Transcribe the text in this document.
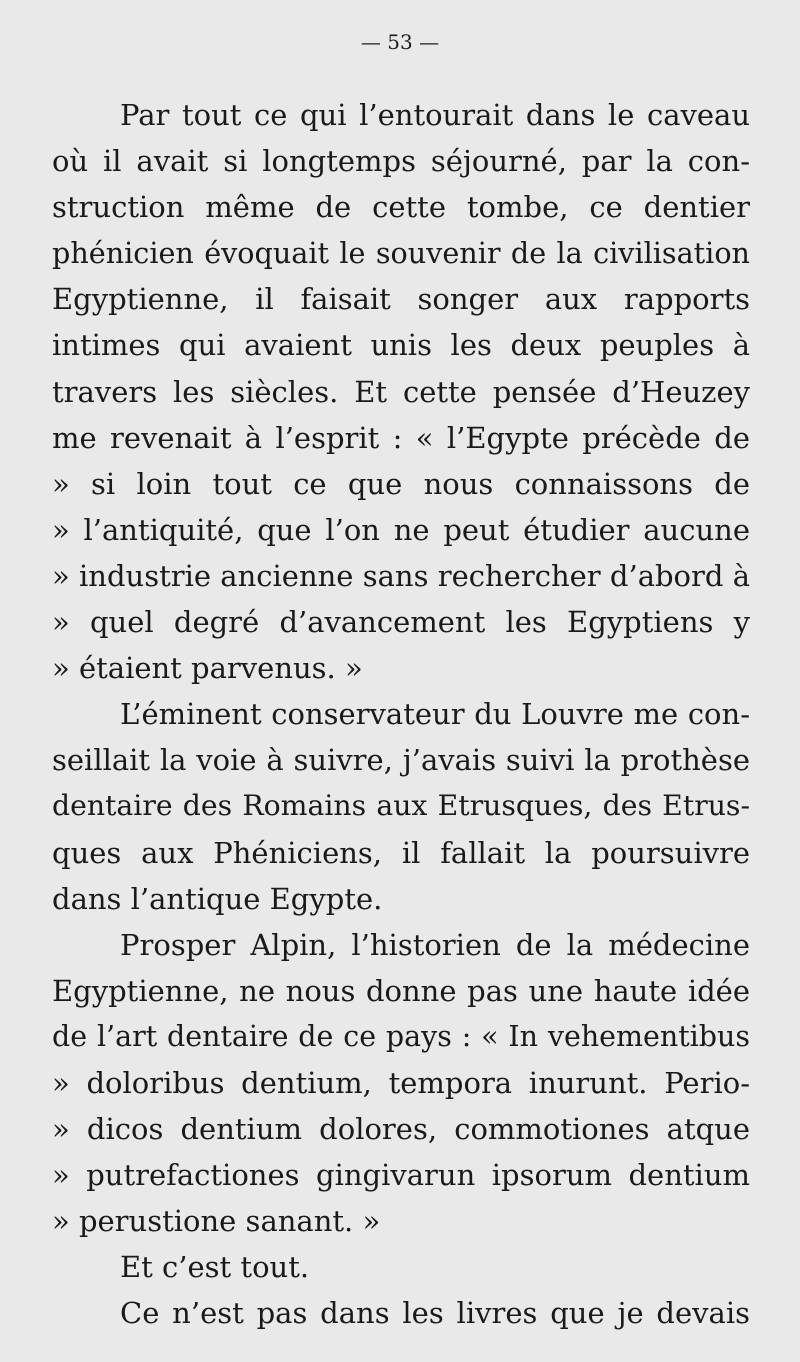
— 53 —
Par tout ce qui l’entourait dans le caveau
où il avait si longtemps séjourné, par la con-
struction même de cette tombe, ce dentier
phénicien évoquait le souvenir de la civilisation
Egyptienne, il faisait songer aux rapports
intimes qui avaient unis les deux peuples à
travers les siècles. Et cette pensée d’Heuzey
me revenait à l’esprit : « l’Egypte précède de
» si loin tout ce que nous connaissons de
» l’antiquité, que l’on ne peut étudier aucune
» industrie ancienne sans rechercher d’abord à
» quel degré d’avancement les Egyptiens y
» étaient parvenus. »
L’éminent conservateur du Louvre me con-
seillait la voie à suivre, j’avais suivi la prothèse
dentaire des Romains aux Etrusques, des Etrus-
ques aux Phéniciens, il fallait la poursuivre
dans l’antique Egypte.
Prosper Alpin, l’historien de la médecine
Egyptienne, ne nous donne pas une haute idée
de l’art dentaire de ce pays : « In vehementibus
» doloribus dentium, tempora inurunt. Perio-
» dicos dentium dolores, commotiones atque
» putrefactiones gingivarun ipsorum dentium
» perustione sanant. »
Et c’est tout.
Ce n’est pas dans les livres que je devais
